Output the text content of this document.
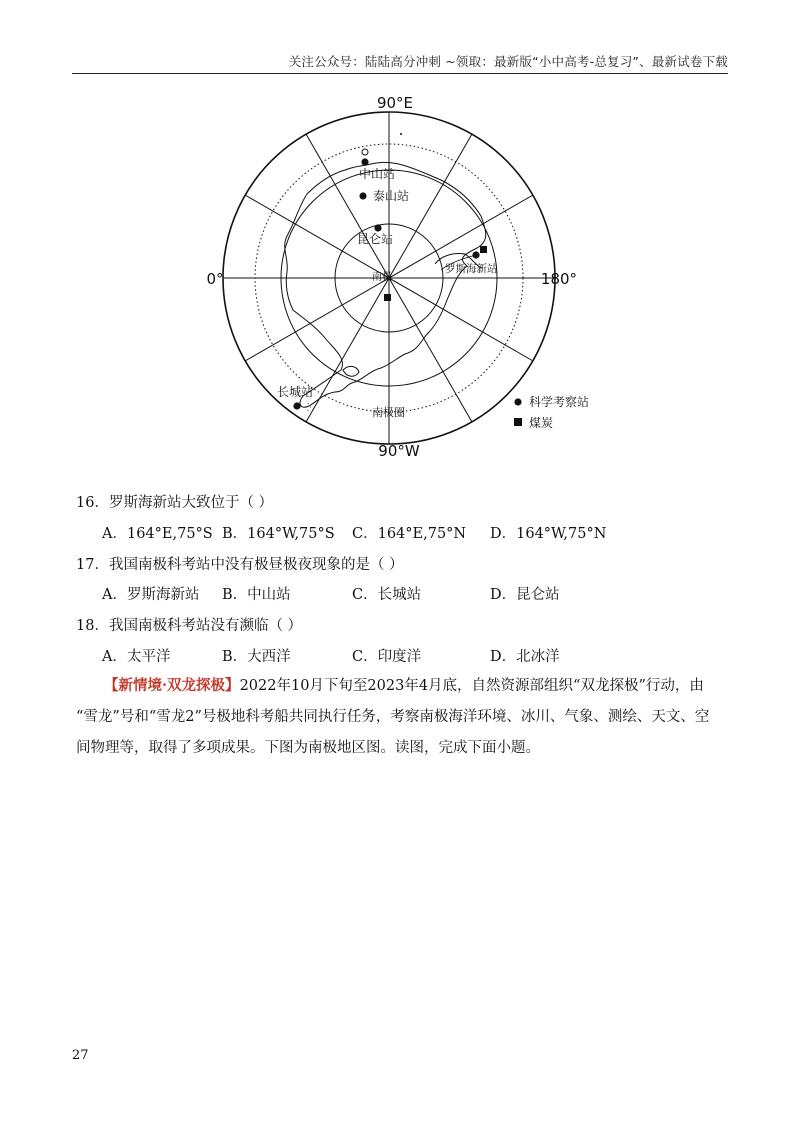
关注公众号：陆陆高分冲刺 ~领取：最新版“小中高考-总复习”、最新试卷下载
90°E
0°	180°
90°W
中山站
泰山站
昆仑站
罗斯海新站
南极
长城站
⁛	南极圈
科学考察站
煤炭
16．罗斯海新站大致位于（ ）
A．164°E,75°S B．164°W,75°S C．164°E,75°N D．164°W,75°N
17．我国南极科考站中没有极昼极夜现象的是（ ）
A．罗斯海新站 B．中山站	C．长城站	D．昆仑站
18．我国南极科考站没有濒临（ ）
A．太平洋	B．大西洋	C．印度洋	D．北冰洋
【新情境·双龙探极】2022年10月下旬至2023年4月底，自然资源部组织“双龙探极”行动，由
“雪龙”号和“雪龙2”号极地科考船共同执行任务，考察南极海洋环境、冰川、气象、测绘、天文、空
间物理等，取得了多项成果。下图为南极地区图。读图，完成下面小题。
27
